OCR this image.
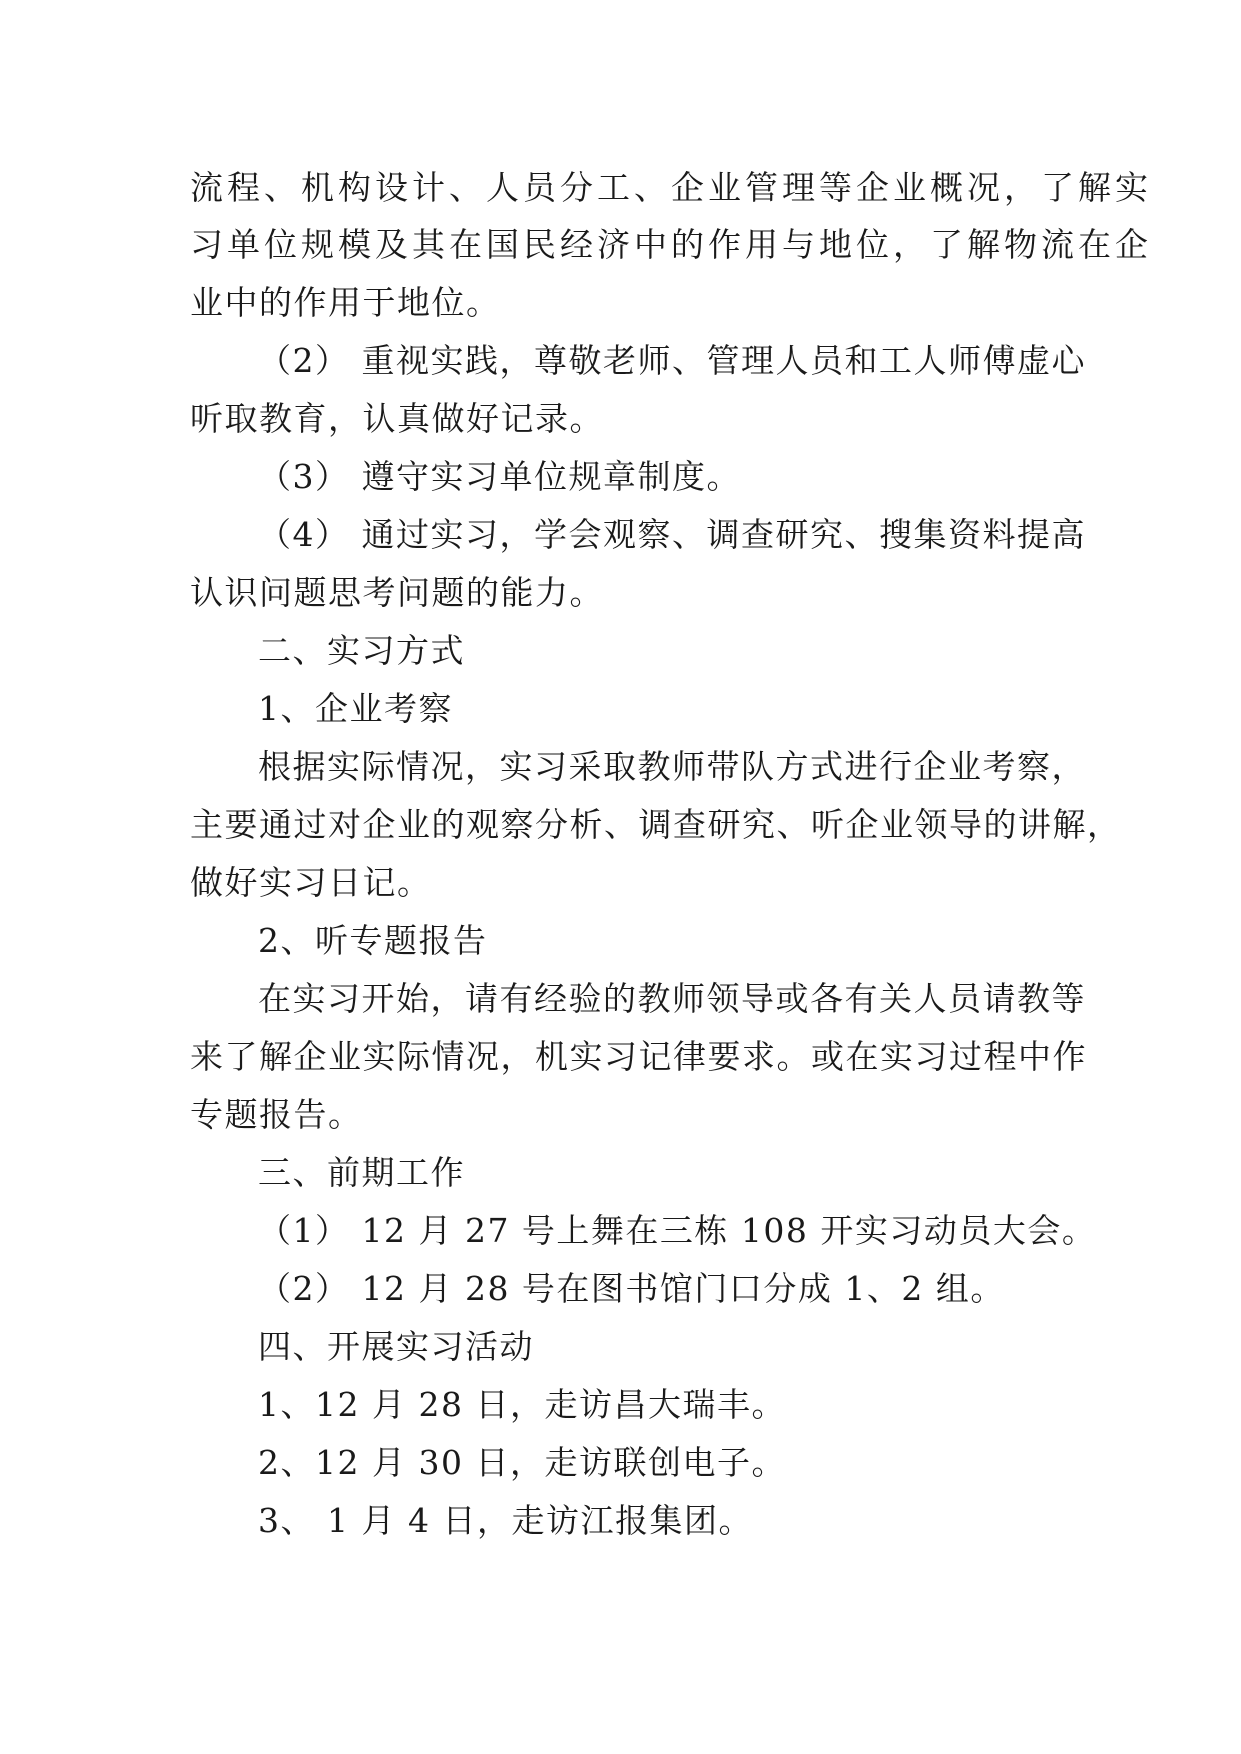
流程、机构设计、人员分工、企业管理等企业概况，了解实
习单位规模及其在国民经济中的作用与地位，了解物流在企
业中的作用于地位。
（2） 重视实践，尊敬老师、管理人员和工人师傅虚心
听取教育，认真做好记录。
（3） 遵守实习单位规章制度。
（4） 通过实习，学会观察、调查研究、搜集资料提高
认识问题思考问题的能力。
二、实习方式
1、企业考察
根据实际情况，实习采取教师带队方式进行企业考察，
主要通过对企业的观察分析、调查研究、听企业领导的讲解，
做好实习日记。
2、听专题报告
在实习开始，请有经验的教师领导或各有关人员请教等
来了解企业实际情况，机实习记律要求。或在实习过程中作
专题报告。
三、前期工作
（1） 12 月 27 号上舞在三栋 108 开实习动员大会。
（2） 12 月 28 号在图书馆门口分成 1、2 组。
四、开展实习活动
1、12 月 28 日，走访昌大瑞丰。
2、12 月 30 日，走访联创电子。
3、 1 月 4 日，走访江报集团。
